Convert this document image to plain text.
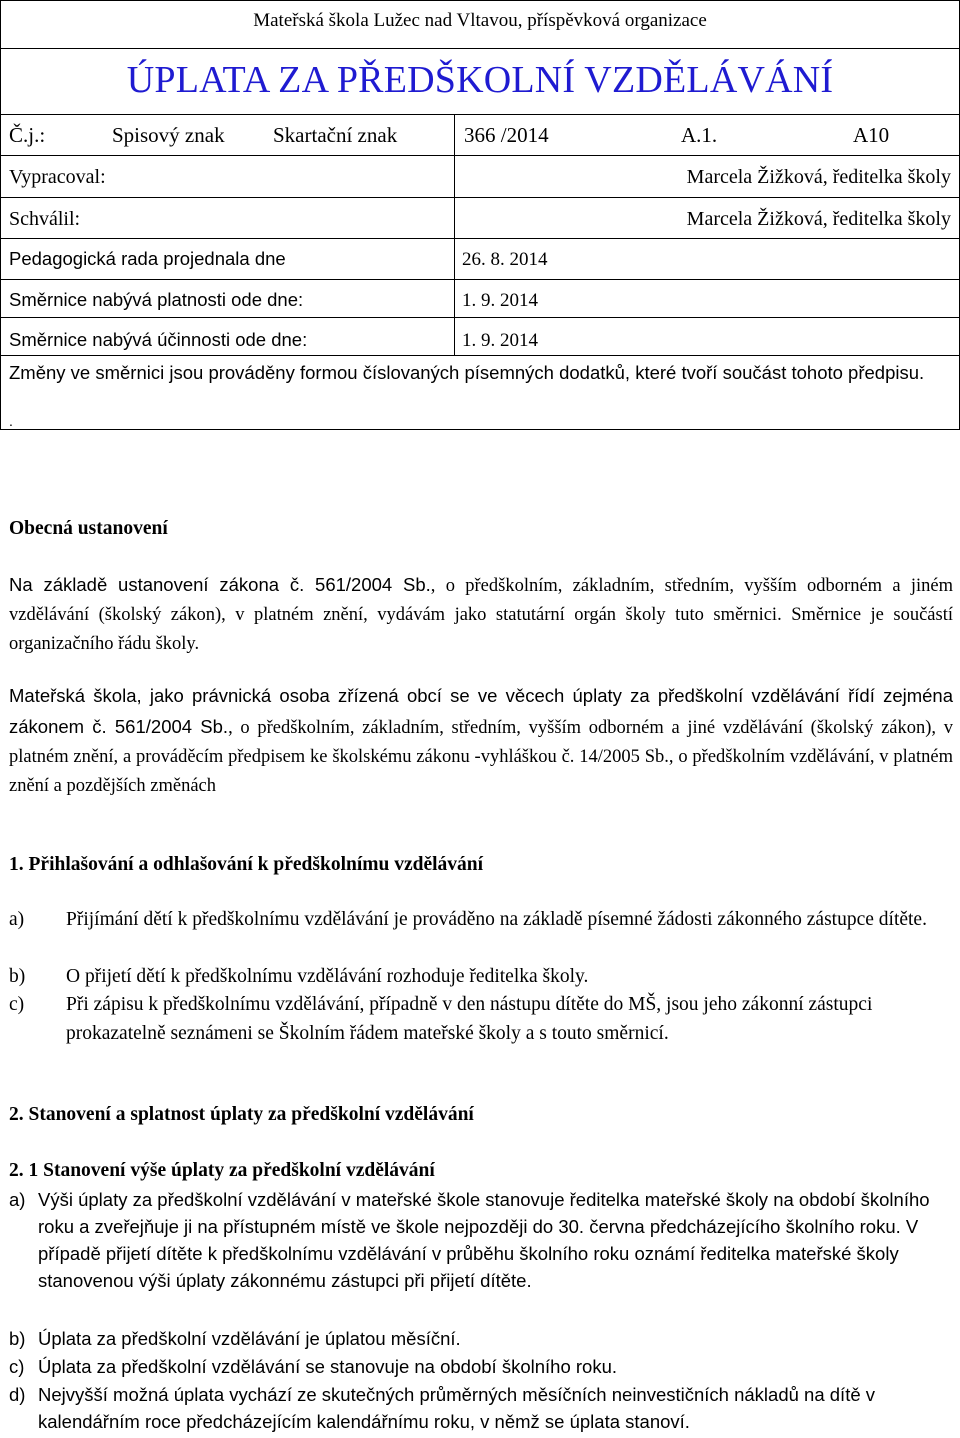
Mateřská škola Lužec nad Vltavou, příspěvková organizace
ÚPLATA ZA PŘEDŠKOLNÍ VZDĚLÁVÁNÍ
Č.j.:	Spisový znak Skartační znak	366 /2014	A.1.	A10
Vypracoval:	Marcela Žižková, ředitelka školy
Schválil:	Marcela Žižková, ředitelka školy
Pedagogická rada projednala dne	26. 8. 2014
Směrnice nabývá platnosti ode dne:	1. 9. 2014
Směrnice nabývá účinnosti ode dne:	1. 9. 2014
Změny ve směrnici jsou prováděny formou číslovaných písemných dodatků, které tvoří součást tohoto předpisu.
.
Obecná ustanovení
Na základě ustanovení zákona č. 561/2004 Sb., o předškolním, základním, středním, vyšším odborném a jiném vzdělávání (školský zákon), v platném znění, vydávám jako statutární orgán školy tuto směrnici. Směrnice je součástí organizačního řádu školy.
Mateřská škola, jako právnická osoba zřízená obcí se ve věcech úplaty za předškolní vzdělávání řídí zejména zákonem č. 561/2004 Sb., o předškolním, základním, středním, vyšším odborném a jiné vzdělávání (školský zákon), v platném znění, a prováděcím předpisem ke školskému zákonu -vyhláškou č. 14/2005 Sb., o předškolním vzdělávání, v platném znění a pozdějších změnách
1. Přihlašování a odhlašování k předškolnímu vzdělávání
a) Přijímání dětí k předškolnímu vzdělávání je prováděno na základě písemné žádosti zákonného zástupce dítěte.
b) O přijetí dětí k předškolnímu vzdělávání rozhoduje ředitelka školy.
c) Při zápisu k předškolnímu vzdělávání, případně v den nástupu dítěte do MŠ, jsou jeho zákonní zástupci prokazatelně seznámeni se Školním řádem mateřské školy a s touto směrnicí.
2. Stanovení a splatnost úplaty za předškolní vzdělávání
2. 1 Stanovení výše úplaty za předškolní vzdělávání
a) Výši úplaty za předškolní vzdělávání v mateřské škole stanovuje ředitelka mateřské školy na období školního roku a zveřejňuje ji na přístupném místě ve škole nejpozději do 30. června předcházejícího školního roku. V případě přijetí dítěte k předškolnímu vzdělávání v průběhu školního roku oznámí ředitelka mateřské školy stanovenou výši úplaty zákonnému zástupci při přijetí dítěte.
b) Úplata za předškolní vzdělávání je úplatou měsíční.
c) Úplata za předškolní vzdělávání se stanovuje na období školního roku.
d) Nejvyšší možná úplata vychází ze skutečných průměrných měsíčních neinvestičních nákladů na dítě v kalendářním roce předcházejícím kalendářnímu roku, v němž se úplata stanoví.
